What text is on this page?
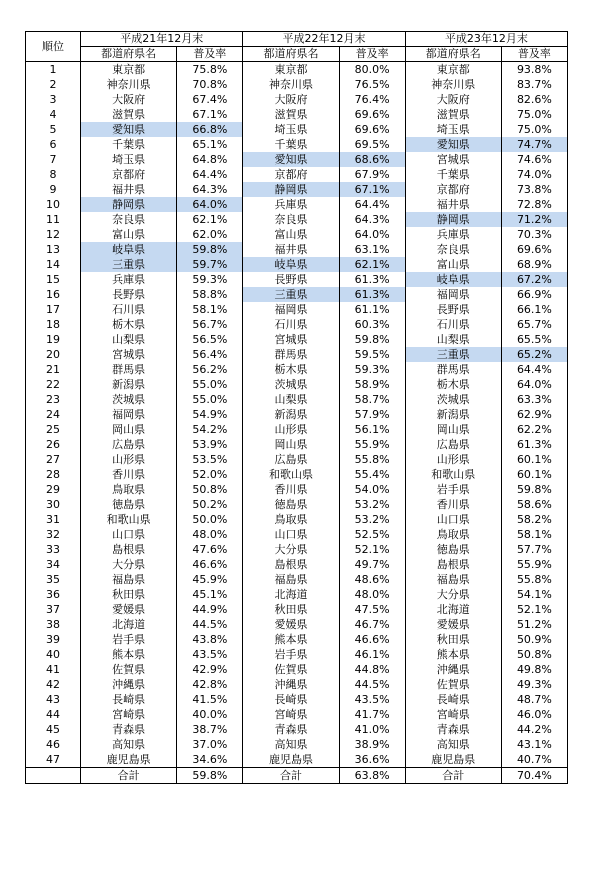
順位	平成21年12月末		平成22年12月末		平成23年12月末	
	都道府県名	普及率	都道府県名	普及率	都道府県名	普及率
1	東京都	75.8%	東京都	80.0%	東京都	93.8%
2	神奈川県	70.8%	神奈川県	76.5%	神奈川県	83.7%
3	大阪府	67.4%	大阪府	76.4%	大阪府	82.6%
4	滋賀県	67.1%	滋賀県	69.6%	滋賀県	75.0%
5	愛知県	66.8%	埼玉県	69.6%	埼玉県	75.0%
6	千葉県	65.1%	千葉県	69.5%	愛知県	74.7%
7	埼玉県	64.8%	愛知県	68.6%	宮城県	74.6%
8	京都府	64.4%	京都府	67.9%	千葉県	74.0%
9	福井県	64.3%	静岡県	67.1%	京都府	73.8%
10	静岡県	64.0%	兵庫県	64.4%	福井県	72.8%
11	奈良県	62.1%	奈良県	64.3%	静岡県	71.2%
12	富山県	62.0%	富山県	64.0%	兵庫県	70.3%
13	岐阜県	59.8%	福井県	63.1%	奈良県	69.6%
14	三重県	59.7%	岐阜県	62.1%	富山県	68.9%
15	兵庫県	59.3%	長野県	61.3%	岐阜県	67.2%
16	長野県	58.8%	三重県	61.3%	福岡県	66.9%
17	石川県	58.1%	福岡県	61.1%	長野県	66.1%
18	栃木県	56.7%	石川県	60.3%	石川県	65.7%
19	山梨県	56.5%	宮城県	59.8%	山梨県	65.5%
20	宮城県	56.4%	群馬県	59.5%	三重県	65.2%
21	群馬県	56.2%	栃木県	59.3%	群馬県	64.4%
22	新潟県	55.0%	茨城県	58.9%	栃木県	64.0%
23	茨城県	55.0%	山梨県	58.7%	茨城県	63.3%
24	福岡県	54.9%	新潟県	57.9%	新潟県	62.9%
25	岡山県	54.2%	山形県	56.1%	岡山県	62.2%
26	広島県	53.9%	岡山県	55.9%	広島県	61.3%
27	山形県	53.5%	広島県	55.8%	山形県	60.1%
28	香川県	52.0%	和歌山県	55.4%	和歌山県	60.1%
29	鳥取県	50.8%	香川県	54.0%	岩手県	59.8%
30	徳島県	50.2%	徳島県	53.2%	香川県	58.6%
31	和歌山県	50.0%	鳥取県	53.2%	山口県	58.2%
32	山口県	48.0%	山口県	52.5%	鳥取県	58.1%
33	島根県	47.6%	大分県	52.1%	徳島県	57.7%
34	大分県	46.6%	島根県	49.7%	島根県	55.9%
35	福島県	45.9%	福島県	48.6%	福島県	55.8%
36	秋田県	45.1%	北海道	48.0%	大分県	54.1%
37	愛媛県	44.9%	秋田県	47.5%	北海道	52.1%
38	北海道	44.5%	愛媛県	46.7%	愛媛県	51.2%
39	岩手県	43.8%	熊本県	46.6%	秋田県	50.9%
40	熊本県	43.5%	岩手県	46.1%	熊本県	50.8%
41	佐賀県	42.9%	佐賀県	44.8%	沖縄県	49.8%
42	沖縄県	42.8%	沖縄県	44.5%	佐賀県	49.3%
43	長崎県	41.5%	長崎県	43.5%	長崎県	48.7%
44	宮崎県	40.0%	宮崎県	41.7%	宮崎県	46.0%
45	青森県	38.7%	青森県	41.0%	青森県	44.2%
46	高知県	37.0%	高知県	38.9%	高知県	43.1%
47	鹿児島県	34.6%	鹿児島県	36.6%	鹿児島県	40.7%
	合計	59.8%	合計	63.8%	合計	70.4%
